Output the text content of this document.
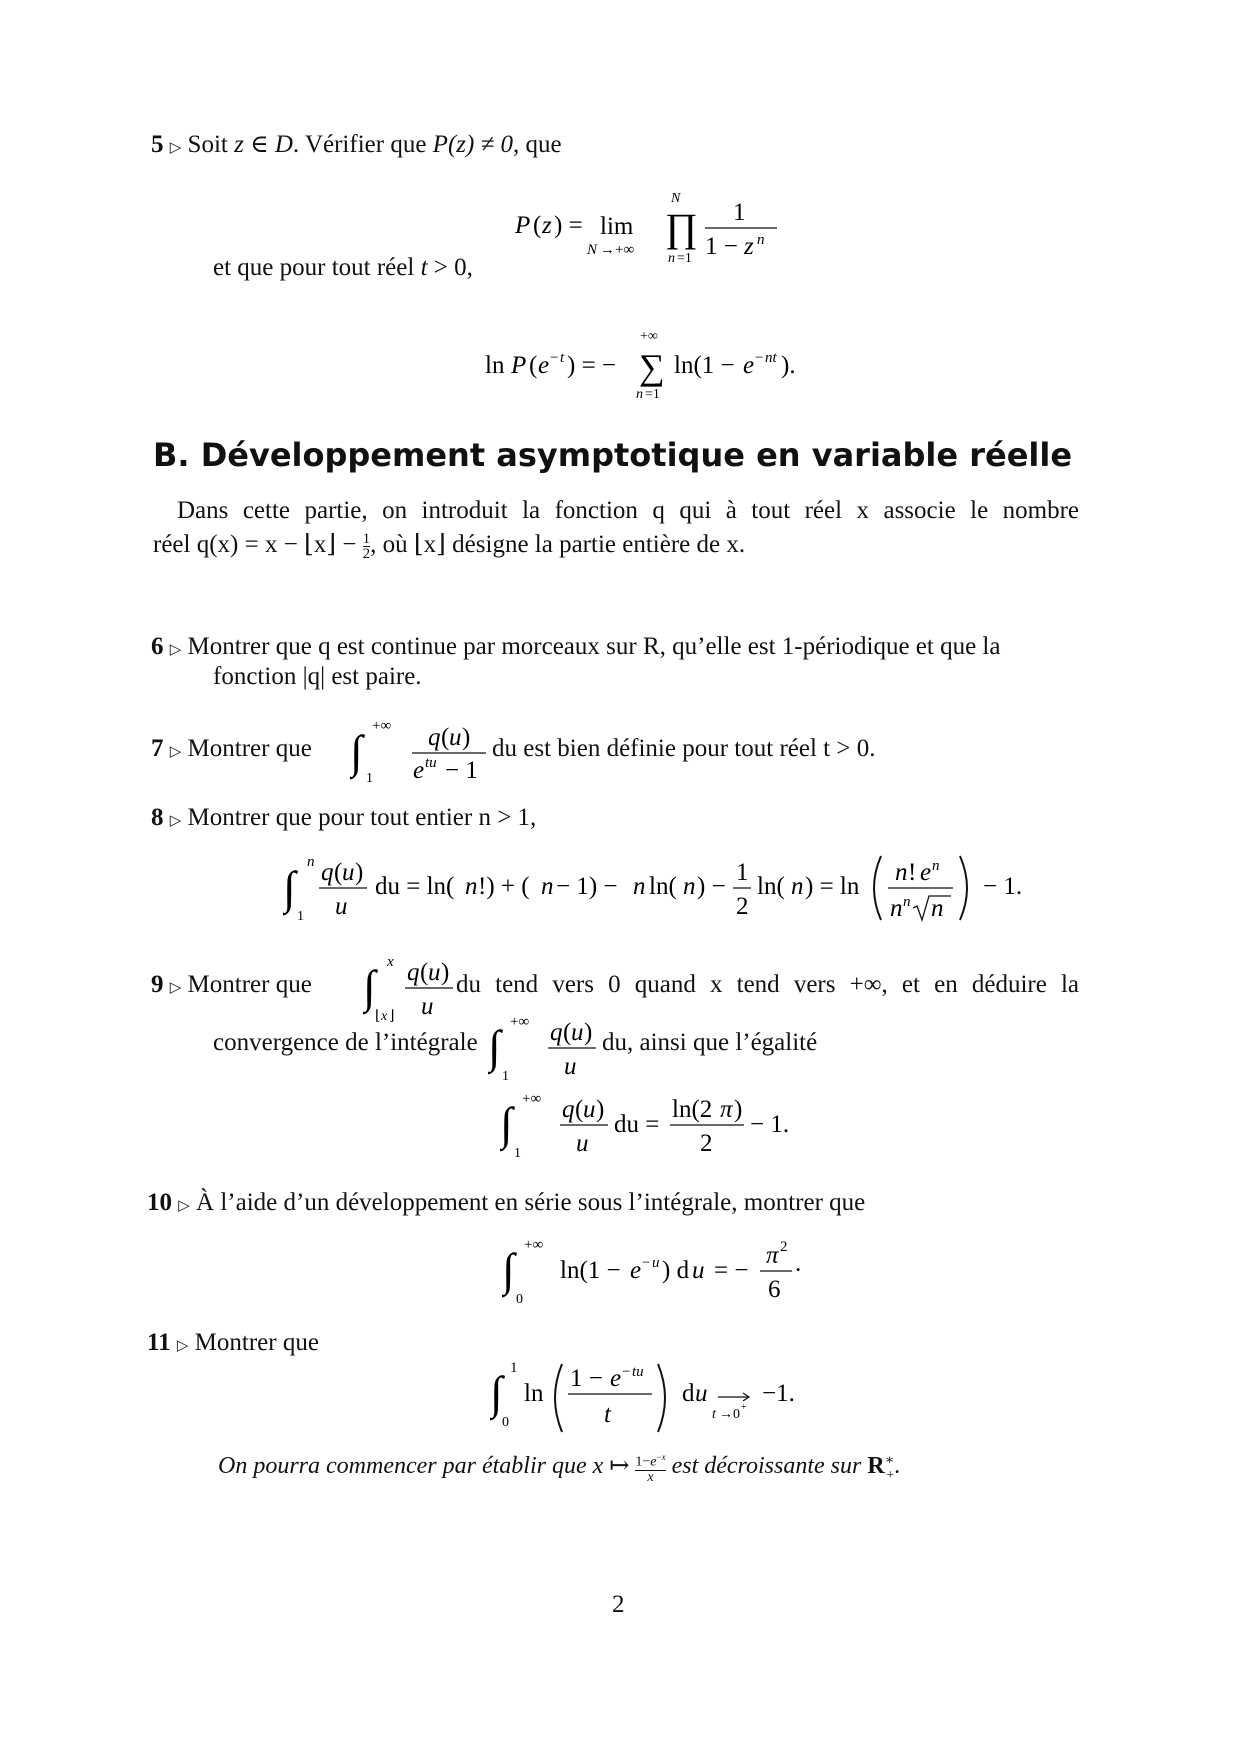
5 ▷ Soit z ∈ D. Vérifier que P(z) ≠ 0, que
P ( z ) = lim
N →+∞
N
∏
n =1
1
1 − z n
et que pour tout réel t > 0,
ln P ( e − t ) = −
+∞
∑
n =1
ln(1 − e − nt ).
B. Développement asymptotique en variable réelle
Dans cette partie, on introduit la fonction q qui à tout réel x associe le nombre
réel q(x) = x − ⌊x⌋ − $\frac{1}{2}$ , où ⌊x⌋ désigne la partie entière de x.
6 ▷ Montrer que q est continue par morceaux sur R, qu’elle est 1-périodique et que la
fonction |q| est paire.
7 ▷ Montrer que ∫ +∞
1
q ( u )
e tu − 1
du est bien définie pour tout réel t > 0.
8 ▷ Montrer que pour tout entier n > 1,
∫ n
1
q ( u )
u
du = ln( n !) + ( n − 1) − n ln( n ) −
1
2
ln( n ) = ln
n ! e n
n n n
− 1.
9 ▷ Montrer que ∫ x
⌊ x ⌋
q ( u )
u
du tend vers 0 quand x tend vers +∞, et en déduire la
convergence de l’intégrale ∫ +∞
1
q ( u )
u
du, ainsi que l’égalité
∫ +∞
1
q ( u )
u
du =
ln(2 π )
2
− 1.
10 ▷ À l’aide d’un développement en série sous l’intégrale, montrer que
∫ +∞
0
ln(1 − e − u ) d u = −
π 2
6
·
11 ▷ Montrer que
∫ 1
0
ln
1 − e − tu
t
d u
t →0 +
−1.
On pourra commencer par établir que x ↦ $\frac{1-e^{-x}}{x}$ est décroissante sur $R^∗_+$.
2
